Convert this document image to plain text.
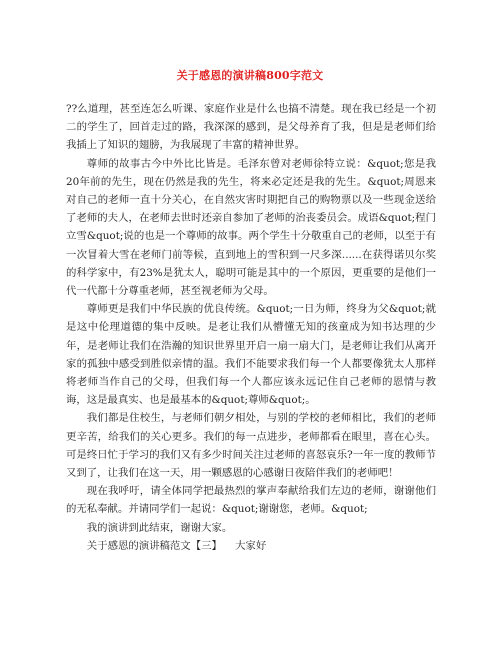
关于感恩的演讲稿800字范文

??么道理，甚至连怎么听课、家庭作业是什么也搞不清楚。现在我已经是一个初二的学生了，回首走过的路，我深深的感到，是父母养育了我，但是是老师们给我插上了知识的翅膀，为我展现了丰富的精神世界。

尊师的故事古今中外比比皆是。毛泽东曾对老师徐特立说：&quot;您是我20年前的先生，现在仍然是我的先生，将来必定还是我的先生。&quot;周恩来对自己的老师一直十分关心，在自然灾害时期把自己的购物票以及一些现金送给了老师的夫人，在老师去世时还亲自参加了老师的治丧委员会。成语&quot;程门立雪&quot;说的也是一个尊师的故事。两个学生十分敬重自己的老师，以至于有一次冒着大雪在老师门前等候，直到地上的雪积到一尺多深......在获得诺贝尔奖的科学家中，有23%是犹太人，聪明可能是其中的一个原因，更重要的是他们一代一代都十分尊重老师，甚至视老师为父母。

尊师更是我们中华民族的优良传统。&quot;一日为师，终身为父&quot;就是这中伦理道德的集中反映。是老让我们从懵懂无知的孩童成为知书达理的少年，是老师让我们在浩瀚的知识世界里开启一扇一扇大门，是老师让我们从离开家的孤独中感受到胜似亲情的温。我们不能要求我们每一个人都要像犹太人那样将老师当作自己的父母，但我们每一个人都应该永远记住自己老师的恩情与教诲，这是最真实、也是最基本的&quot;尊师&quot;。

我们都是住校生，与老师们朝夕相处，与别的学校的老师相比，我们的老师更辛苦，给我们的关心更多。我们的每一点进步，老师都看在眼里，喜在心头。可是终日忙于学习的我们又有多少时间关注过老师的喜怒哀乐?一年一度的教师节又到了，让我们在这一天，用一颗感恩的心感谢日夜陪伴我们的老师吧！

现在我呼吁，请全体同学把最热烈的掌声奉献给我们左边的老师，谢谢他们的无私奉献。并请同学们一起说：&quot;谢谢您，老师。&quot;

我的演讲到此结束，谢谢大家。

关于感恩的演讲稿范文【三】    大家好
